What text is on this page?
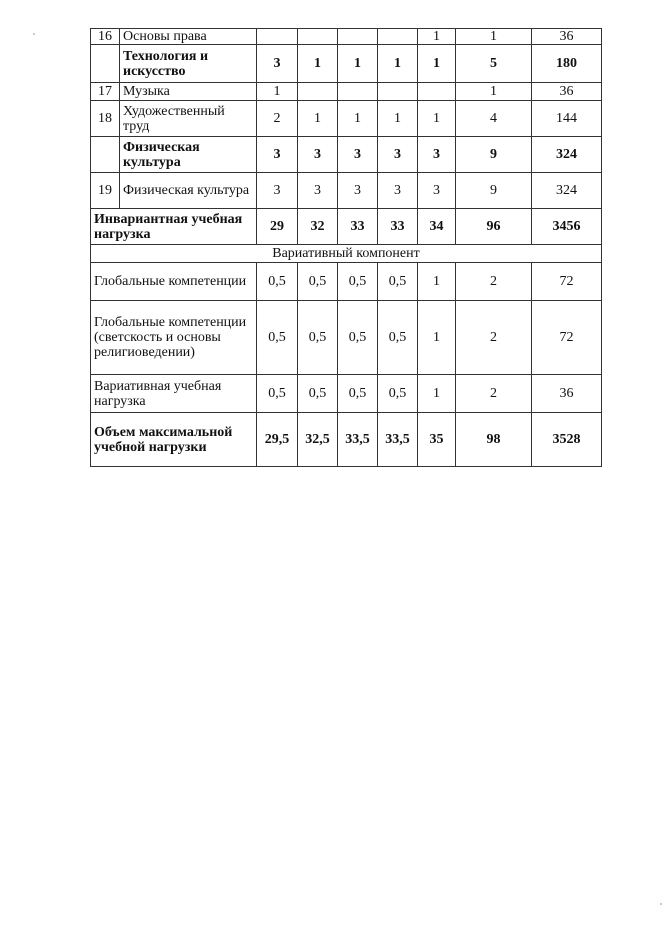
16	Основы права					1	1	36
	Технология и искусство	3	1	1	1	1	5	180
17	Музыка	1					1	36
18	Художественный труд	2	1	1	1	1	4	144
	Физическая культура	3	3	3	3	3	9	324
19	Физическая культура	3	3	3	3	3	9	324
Инвариантная учебная нагрузка		29	32	33	33	34	96	3456
Вариативный компонент								
Глобальные компетенции		0,5	0,5	0,5	0,5	1	2	72
Глобальные компетенции (светскость и основы религиоведении)		0,5	0,5	0,5	0,5	1	2	72
Вариативная учебная нагрузка		0,5	0,5	0,5	0,5	1	2	36
Объем максимальной учебной нагрузки		29,5	32,5	33,5	33,5	35	98	3528
